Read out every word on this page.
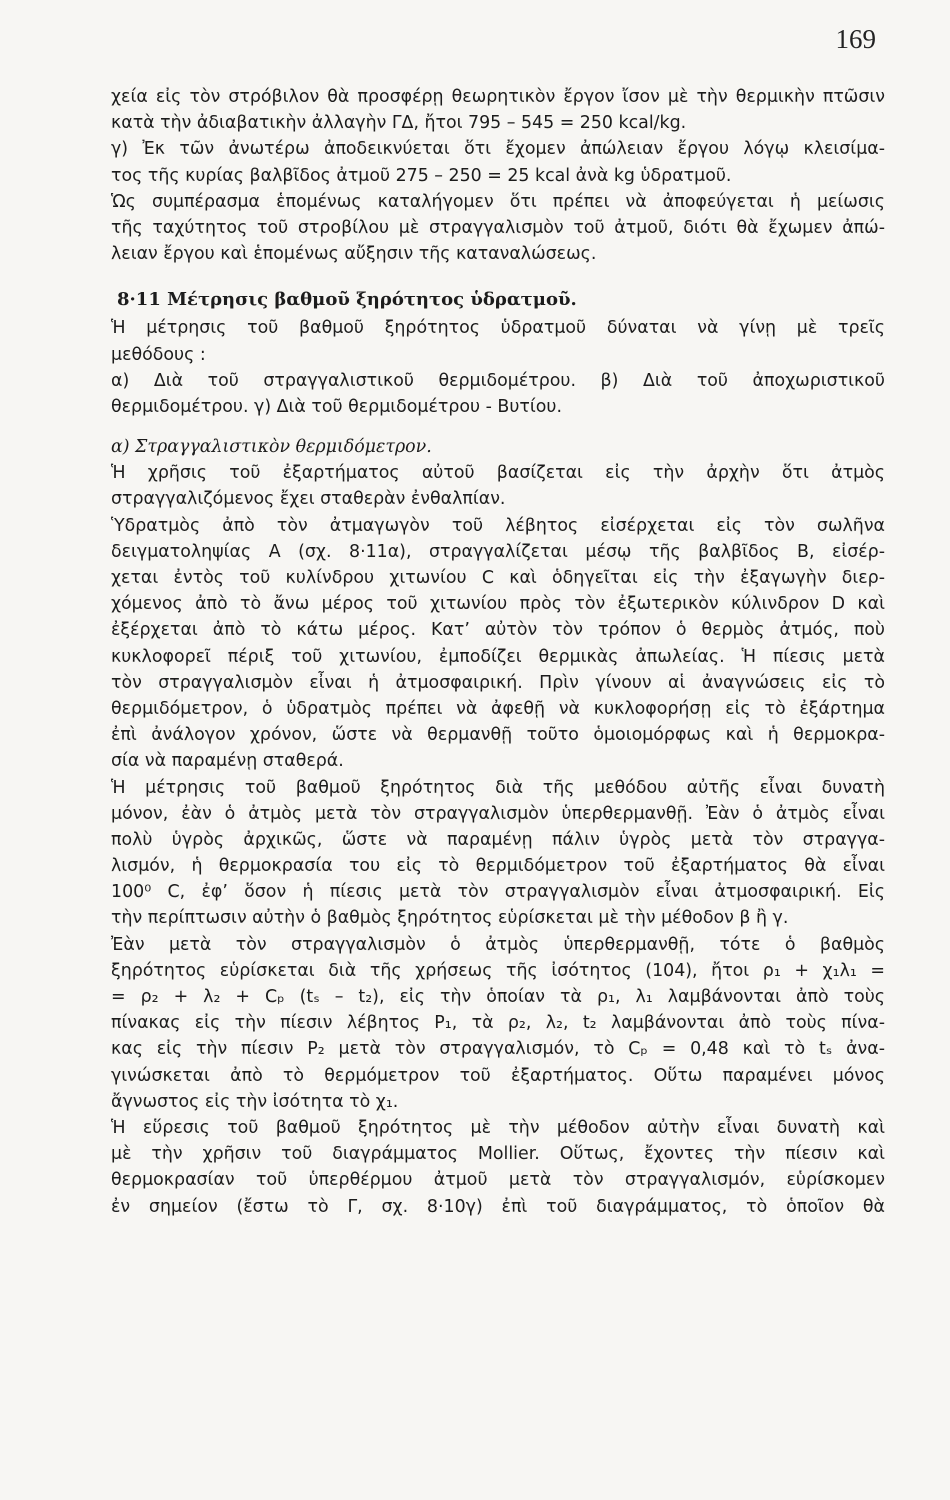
169
χεία εἰς τὸν στρόβιλον θὰ προσφέρῃ θεωρητικὸν ἔργον ἴσον μὲ τὴν θερμικὴν πτῶσιν
κατὰ τὴν ἀδιαβατικὴν ἀλλαγὴν ΓΔ, ἤτοι 795 – 545 = 250 kcal/kg.
γ) Ἐκ τῶν ἀνωτέρω ἀποδεικνύεται ὅτι ἔχομεν ἀπώλειαν ἔργου λόγῳ κλεισίμα-
τος τῆς κυρίας βαλβῖδος ἀτμοῦ 275 – 250 = 25 kcal ἀνὰ kg ὑδρατμοῦ.
Ὡς συμπέρασμα ἑπομένως καταλήγομεν ὅτι πρέπει νὰ ἀποφεύγεται ἡ μείωσις
τῆς ταχύτητος τοῦ στροβίλου μὲ στραγγαλισμὸν τοῦ ἀτμοῦ, διότι θὰ ἔχωμεν ἀπώ-
λειαν ἔργου καὶ ἑπομένως αὔξησιν τῆς καταναλώσεως.
8·11 Μέτρησις βαθμοῦ ξηρότητος ὑδρατμοῦ.
Ἡ μέτρησις τοῦ βαθμοῦ ξηρότητος ὑδρατμοῦ δύναται νὰ γίνῃ μὲ τρεῖς
μεθόδους :
α) Διὰ τοῦ στραγγαλιστικοῦ θερμιδομέτρου. β) Διὰ τοῦ ἀποχωριστικοῦ
θερμιδομέτρου. γ) Διὰ τοῦ θερμιδομέτρου - Βυτίου.
α) Στραγγαλιστικὸν θερμιδόμετρον.
Ἡ χρῆσις τοῦ ἐξαρτήματος αὐτοῦ βασίζεται εἰς τὴν ἀρχὴν ὅτι ἀτμὸς
στραγγαλιζόμενος ἔχει σταθερὰν ἐνθαλπίαν.
Ὑδρατμὸς ἀπὸ τὸν ἀτμαγωγὸν τοῦ λέβητος εἰσέρχεται εἰς τὸν σωλῆνα
δειγματοληψίας Α (σχ. 8·11α), στραγγαλίζεται μέσῳ τῆς βαλβῖδος Β, εἰσέρ-
χεται ἐντὸς τοῦ κυλίνδρου χιτωνίου C καὶ ὁδηγεῖται εἰς τὴν ἐξαγωγὴν διερ-
χόμενος ἀπὸ τὸ ἄνω μέρος τοῦ χιτωνίου πρὸς τὸν ἐξωτερικὸν κύλινδρον D καὶ
ἐξέρχεται ἀπὸ τὸ κάτω μέρος. Κατ’ αὐτὸν τὸν τρόπον ὁ θερμὸς ἀτμός, ποὺ
κυκλοφορεῖ πέριξ τοῦ χιτωνίου, ἐμποδίζει θερμικὰς ἀπωλείας. Ἡ πίεσις μετὰ
τὸν στραγγαλισμὸν εἶναι ἡ ἀτμοσφαιρική. Πρὶν γίνουν αἱ ἀναγνώσεις εἰς τὸ
θερμιδόμετρον, ὁ ὑδρατμὸς πρέπει νὰ ἀφεθῇ νὰ κυκλοφορήσῃ εἰς τὸ ἐξάρτημα
ἐπὶ ἀνάλογον χρόνον, ὥστε νὰ θερμανθῇ τοῦτο ὁμοιομόρφως καὶ ἡ θερμοκρα-
σία νὰ παραμένῃ σταθερά.
Ἡ μέτρησις τοῦ βαθμοῦ ξηρότητος διὰ τῆς μεθόδου αὐτῆς εἶναι δυνατὴ
μόνον, ἐὰν ὁ ἀτμὸς μετὰ τὸν στραγγαλισμὸν ὑπερθερμανθῇ. Ἐὰν ὁ ἀτμὸς εἶναι
πολὺ ὑγρὸς ἀρχικῶς, ὥστε νὰ παραμένῃ πάλιν ὑγρὸς μετὰ τὸν στραγγα-
λισμόν, ἡ θερμοκρασία του εἰς τὸ θερμιδόμετρον τοῦ ἐξαρτήματος θὰ εἶναι
100⁰ C, ἐφ’ ὅσον ἡ πίεσις μετὰ τὸν στραγγαλισμὸν εἶναι ἀτμοσφαιρική. Εἰς
τὴν περίπτωσιν αὐτὴν ὁ βαθμὸς ξηρότητος εὑρίσκεται μὲ τὴν μέθοδον β ἢ γ.
Ἐὰν μετὰ τὸν στραγγαλισμὸν ὁ ἀτμὸς ὑπερθερμανθῇ, τότε ὁ βαθμὸς
ξηρότητος εὑρίσκεται διὰ τῆς χρήσεως τῆς ἰσότητος (104), ἤτοι ρ₁ + χ₁λ₁ =
= ρ₂ + λ₂ + Cₚ (tₛ – t₂), εἰς τὴν ὁποίαν τὰ ρ₁, λ₁ λαμβάνονται ἀπὸ τοὺς
πίνακας εἰς τὴν πίεσιν λέβητος P₁, τὰ ρ₂, λ₂, t₂ λαμβάνονται ἀπὸ τοὺς πίνα-
κας εἰς τὴν πίεσιν P₂ μετὰ τὸν στραγγαλισμόν, τὸ Cₚ = 0,48 καὶ τὸ tₛ ἀνα-
γινώσκεται ἀπὸ τὸ θερμόμετρον τοῦ ἐξαρτήματος. Οὕτω παραμένει μόνος
ἄγνωστος εἰς τὴν ἰσότητα τὸ χ₁.
Ἡ εὕρεσις τοῦ βαθμοῦ ξηρότητος μὲ τὴν μέθοδον αὐτὴν εἶναι δυνατὴ καὶ
μὲ τὴν χρῆσιν τοῦ διαγράμματος Mollier. Οὕτως, ἔχοντες τὴν πίεσιν καὶ
θερμοκρασίαν τοῦ ὑπερθέρμου ἀτμοῦ μετὰ τὸν στραγγαλισμόν, εὑρίσκομεν
ἐν σημείον (ἔστω τὸ Γ, σχ. 8·10γ) ἐπὶ τοῦ διαγράμματος, τὸ ὁποῖον θὰ
